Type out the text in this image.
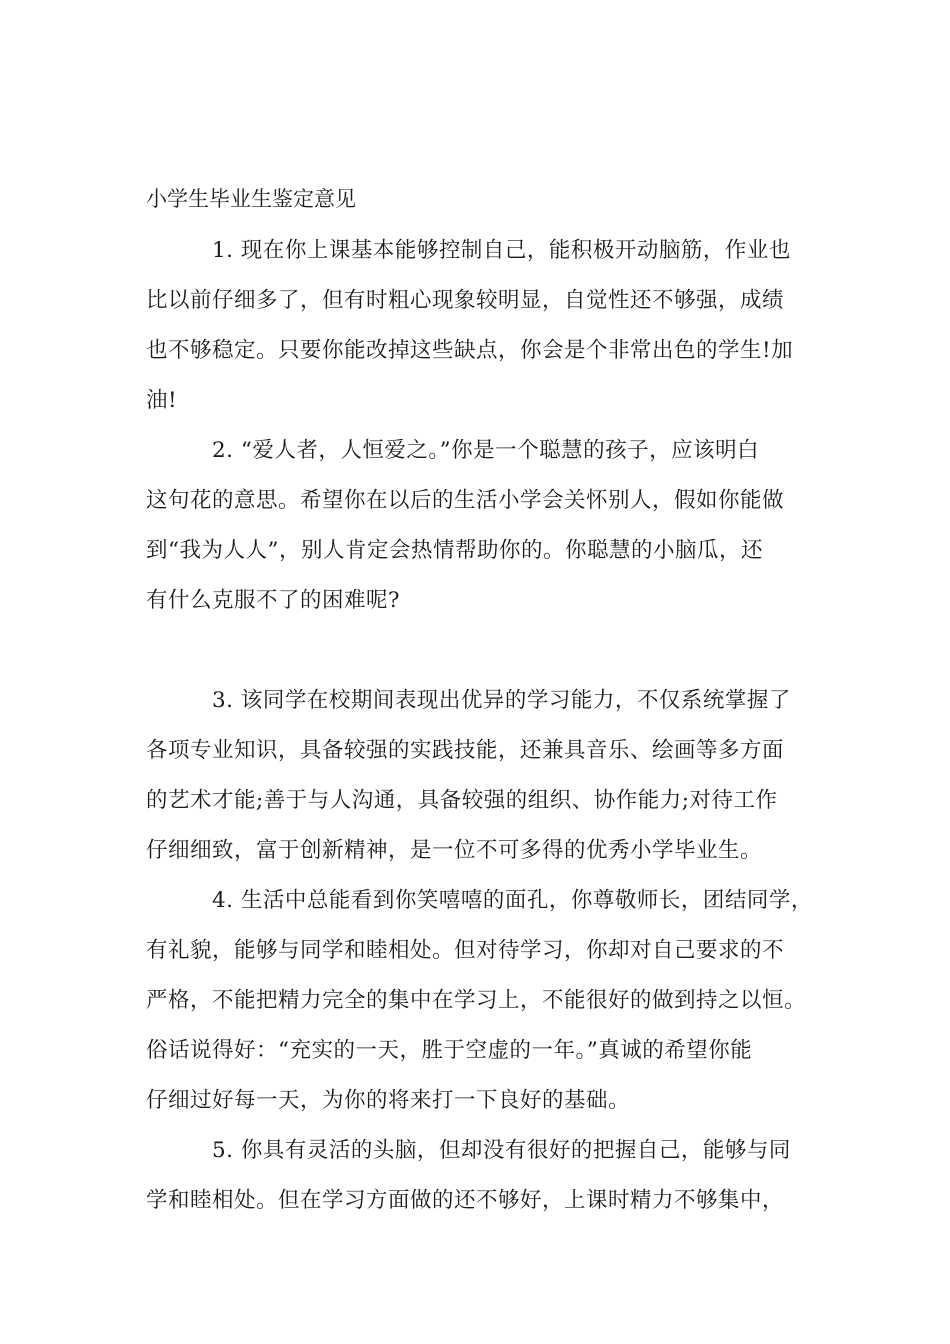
小学生毕业生鉴定意见
1. 现在你上课基本能够控制自己，能积极开动脑筋，作业也
比以前仔细多了，但有时粗心现象较明显，自觉性还不够强，成绩
也不够稳定。只要你能改掉这些缺点，你会是个非常出色的学生!加
油!
2. “爱人者，人恒爱之。”你是一个聪慧的孩子，应该明白
这句花的意思。希望你在以后的生活小学会关怀别人，假如你能做
到“我为人人”，别人肯定会热情帮助你的。你聪慧的小脑瓜，还
有什么克服不了的困难呢?
3. 该同学在校期间表现出优异的学习能力，不仅系统掌握了
各项专业知识，具备较强的实践技能，还兼具音乐、绘画等多方面
的艺术才能;善于与人沟通，具备较强的组织、协作能力;对待工作
仔细细致，富于创新精神，是一位不可多得的优秀小学毕业生。
4. 生活中总能看到你笑嘻嘻的面孔，你尊敬师长，团结同学，
有礼貌，能够与同学和睦相处。但对待学习，你却对自己要求的不
严格，不能把精力完全的集中在学习上，不能很好的做到持之以恒。
俗话说得好：“充实的一天，胜于空虚的一年。”真诚的希望你能
仔细过好每一天，为你的将来打一下良好的基础。
5. 你具有灵活的头脑，但却没有很好的把握自己，能够与同
学和睦相处。但在学习方面做的还不够好，上课时精力不够集中，
